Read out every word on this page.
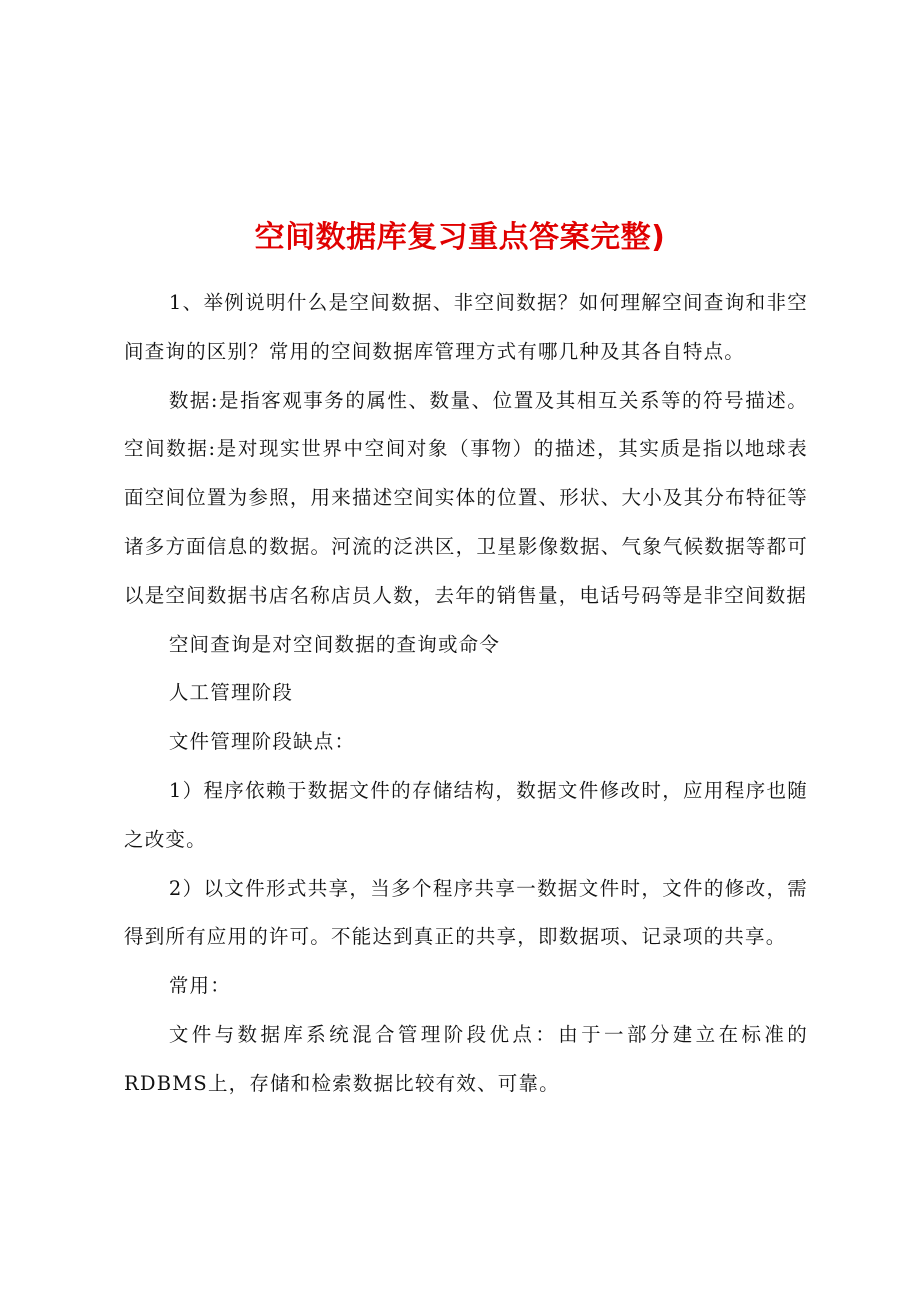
空间数据库复习重点答案完整)

1、举例说明什么是空间数据、非空间数据？如何理解空间查询和非空间查询的区别？常用的空间数据库管理方式有哪几种及其各自特点。

数据:是指客观事务的属性、数量、位置及其相互关系等的符号描述。空间数据:是对现实世界中空间对象（事物）的描述，其实质是指以地球表面空间位置为参照，用来描述空间实体的位置、形状、大小及其分布特征等诸多方面信息的数据。河流的泛洪区，卫星影像数据、气象气候数据等都可以是空间数据书店名称店员人数，去年的销售量，电话号码等是非空间数据

空间查询是对空间数据的查询或命令

人工管理阶段

文件管理阶段缺点：

1）程序依赖于数据文件的存储结构，数据文件修改时，应用程序也随之改变。

2）以文件形式共享，当多个程序共享一数据文件时，文件的修改，需得到所有应用的许可。不能达到真正的共享，即数据项、记录项的共享。

常用：

文件与数据库系统混合管理阶段优点：由于一部分建立在标准的RDBMS上，存储和检索数据比较有效、可靠。
